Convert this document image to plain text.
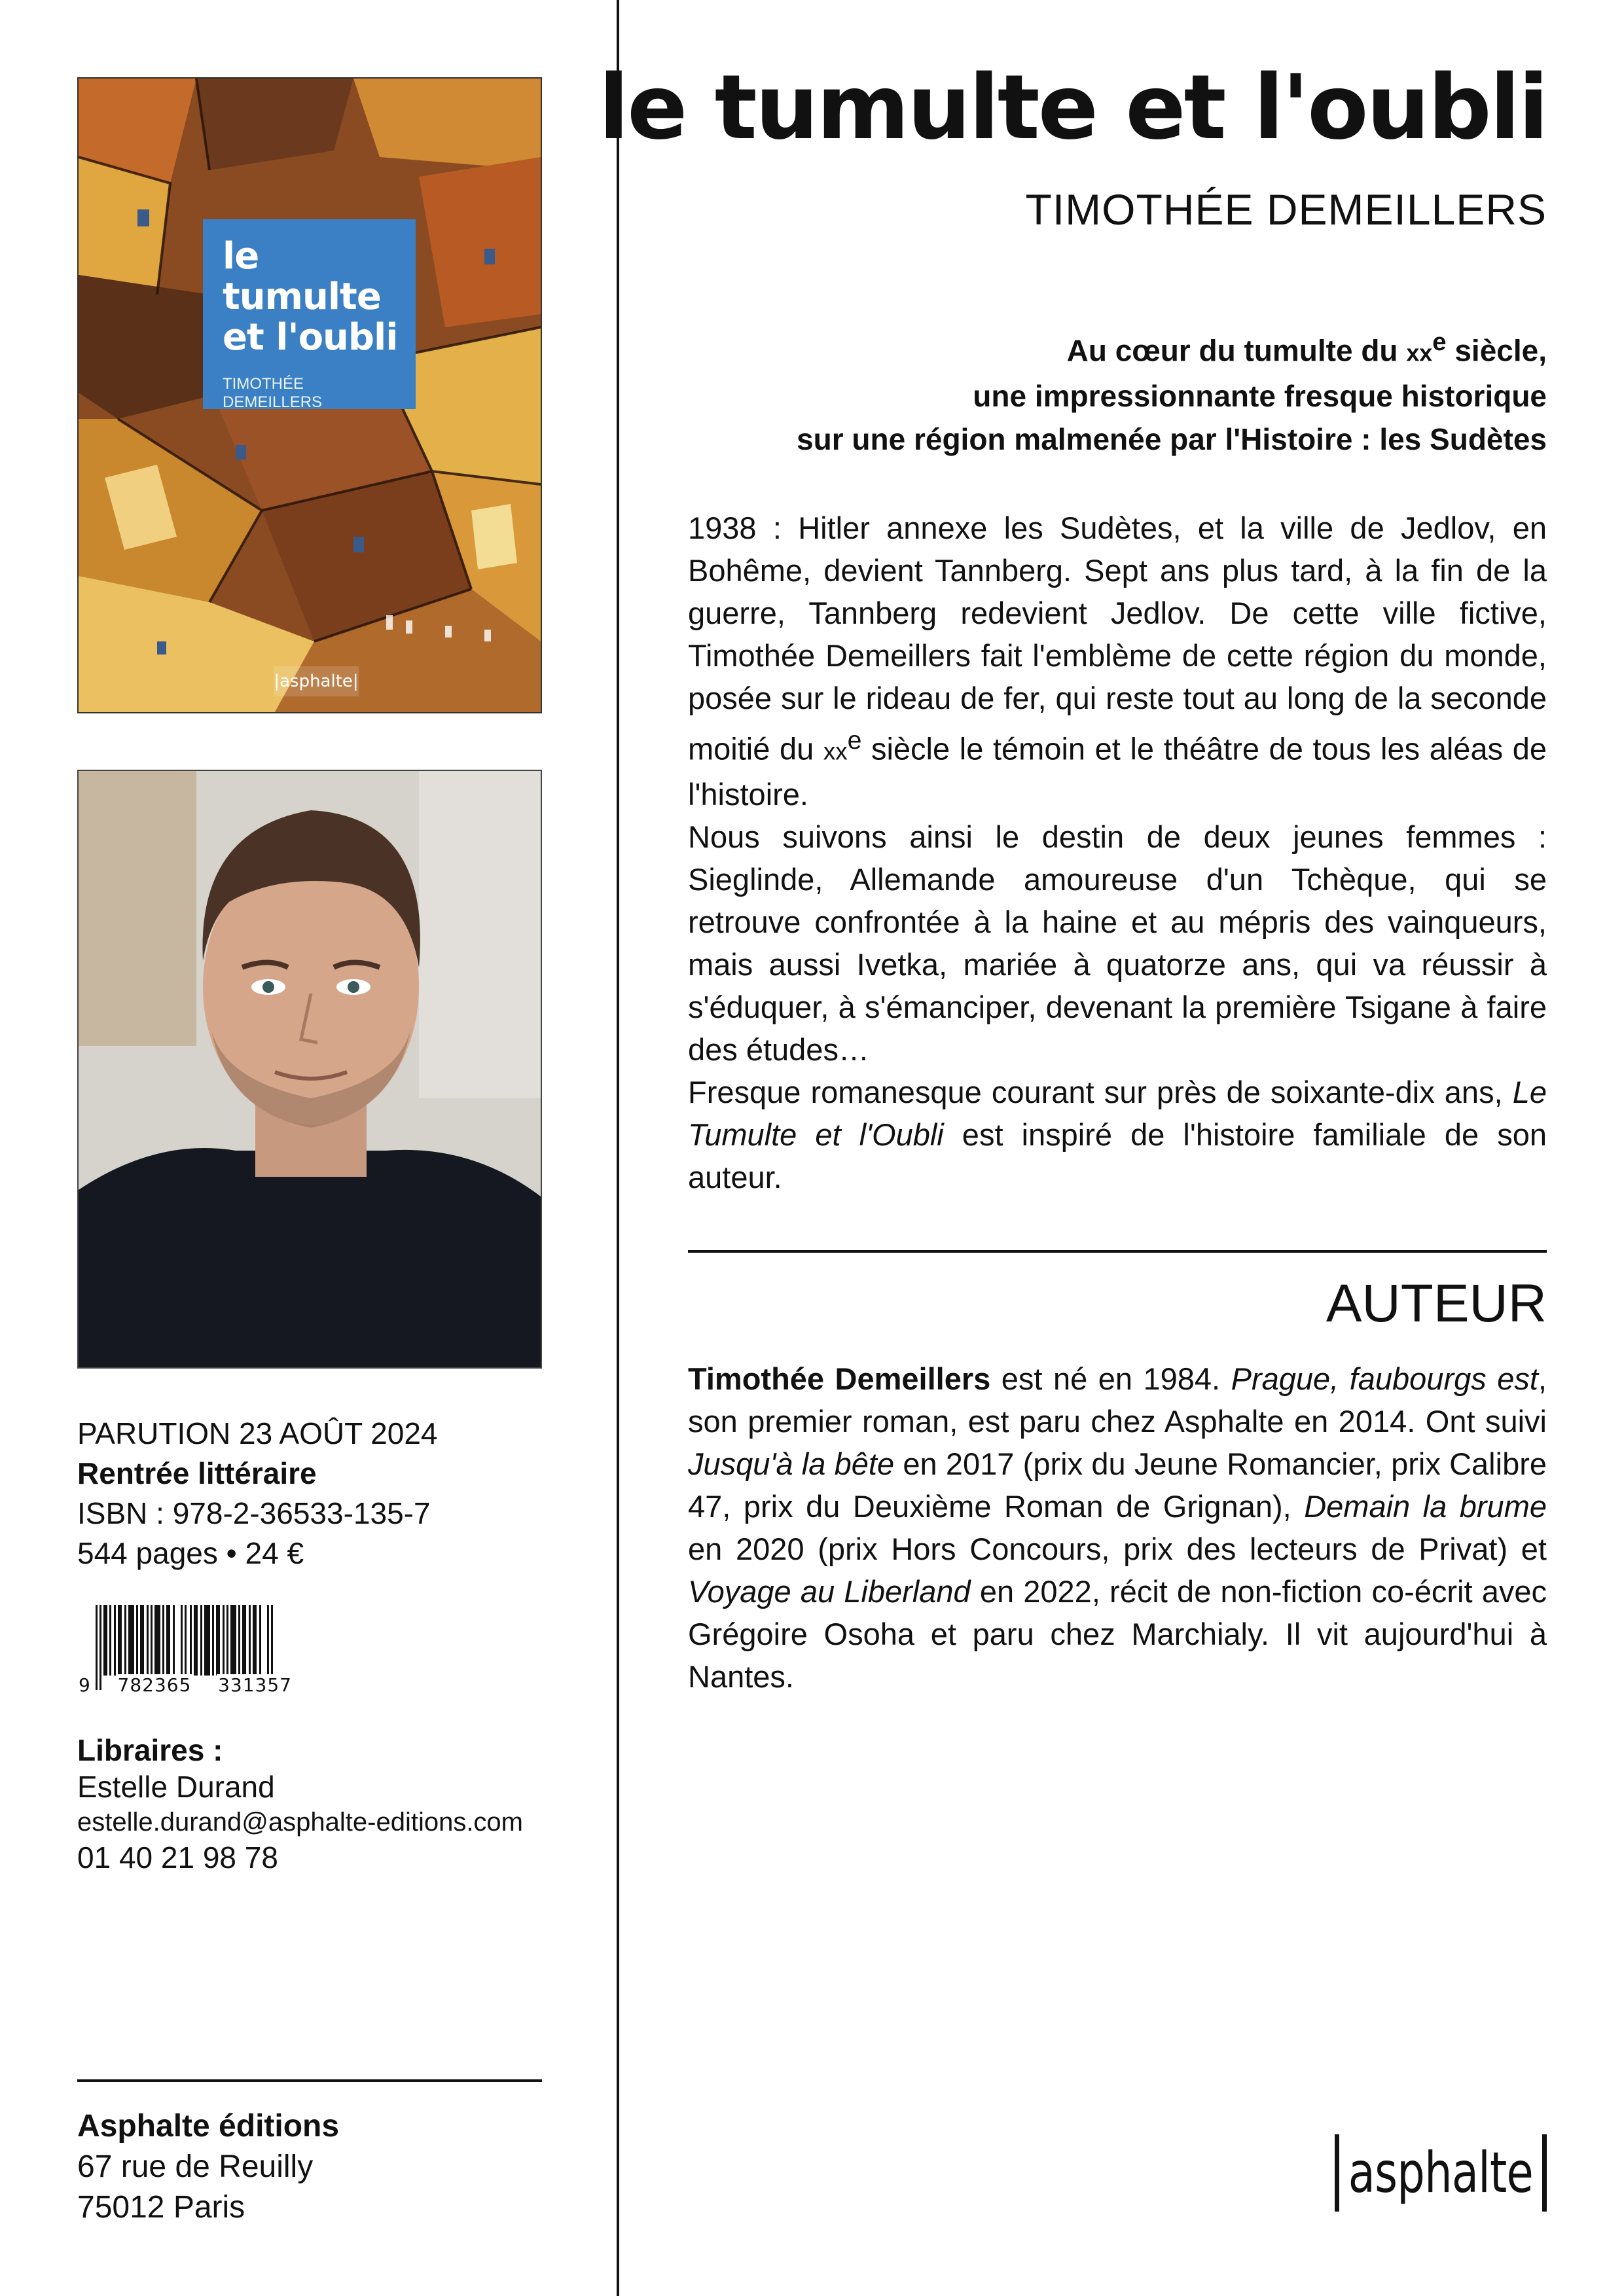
le tumulte
et l'oubli
TIMOTHÉE DEMEILLERS
|asphalte|
PARUTION 23 AOÛT 2024
Rentrée littéraire
ISBN : 978-2-36533-135-7
544 pages • 24 €
9 782365 331357
Libraires :
Estelle Durand
estelle.durand@asphalte-editions.com
01 40 21 98 78
Asphalte éditions
67 rue de Reuilly
75012 Paris
le tumulte et l'oubli
TIMOTHÉE DEMEILLERS
Au cœur du tumulte du $xx^e$ siècle,
une impressionnante fresque historique
sur une région malmenée par l'Histoire : les Sudètes

1938 : Hitler annexe les Sudètes, et la ville de Jedlov, en Bohême, devient Tannberg. Sept ans plus tard, à la fin de la guerre, Tannberg redevient Jedlov. De cette ville fictive, Timothée Demeillers fait l'emblème de cette région du monde, posée sur le rideau de fer, qui reste tout au long de la seconde moitié du $xx^e$ siècle le témoin et le théâtre de tous les aléas de l'histoire.

Nous suivons ainsi le destin de deux jeunes femmes : Sieglinde, Allemande amoureuse d'un Tchèque, qui se retrouve confrontée à la haine et au mépris des vainqueurs, mais aussi Ivetka, mariée à quatorze ans, qui va réussir à s'éduquer, à s'émanciper, devenant la première Tsigane à faire des études…

Fresque romanesque courant sur près de soixante-dix ans, Le Tumulte et l'Oubli est inspiré de l'histoire familiale de son auteur.

AUTEUR
Timothée Demeillers est né en 1984. Prague, faubourgs est, son premier roman, est paru chez Asphalte en 2014. Ont suivi Jusqu'à la bête en 2017 (prix du Jeune Romancier, prix Calibre 47, prix du Deuxième Roman de Grignan), Demain la brume en 2020 (prix Hors Concours, prix des lecteurs de Privat) et Voyage au Liberland en 2022, récit de non-fiction co-écrit avec Grégoire Osoha et paru chez Marchialy. Il vit aujourd'hui à Nantes.
asphalte
